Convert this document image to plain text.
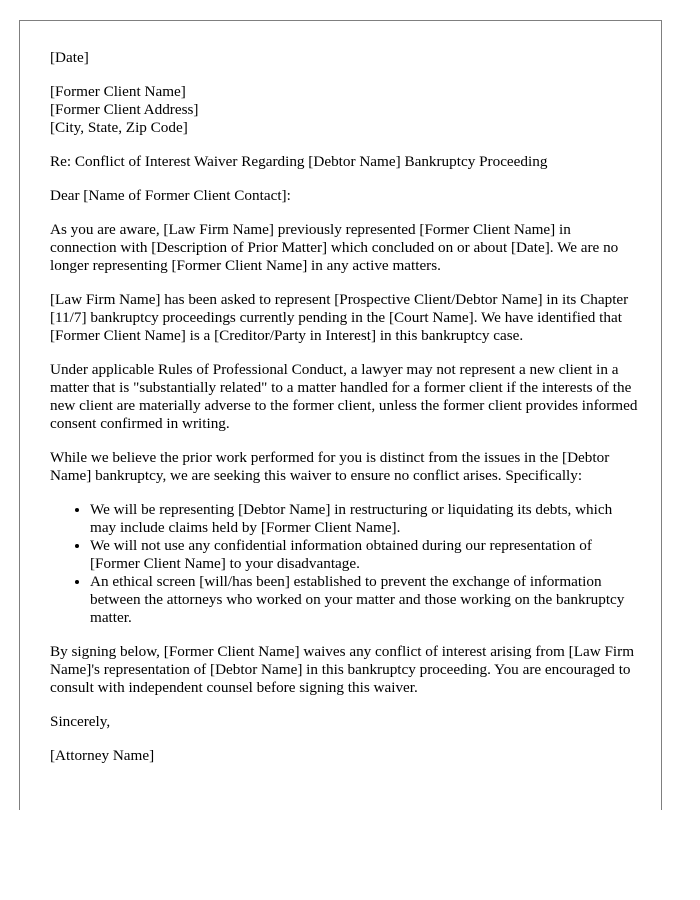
[Date]

[Former Client Name]
[Former Client Address]
[City, State, Zip Code]

Re: Conflict of Interest Waiver Regarding [Debtor Name] Bankruptcy Proceeding

Dear [Name of Former Client Contact]:

As you are aware, [Law Firm Name] previously represented [Former Client Name] in connection with [Description of Prior Matter] which concluded on or about [Date]. We are no longer representing [Former Client Name] in any active matters.

[Law Firm Name] has been asked to represent [Prospective Client/Debtor Name] in its Chapter [11/7] bankruptcy proceedings currently pending in the [Court Name]. We have identified that [Former Client Name] is a [Creditor/Party in Interest] in this bankruptcy case.

Under applicable Rules of Professional Conduct, a lawyer may not represent a new client in a matter that is "substantially related" to a matter handled for a former client if the interests of the new client are materially adverse to the former client, unless the former client provides informed consent confirmed in writing.

While we believe the prior work performed for you is distinct from the issues in the [Debtor Name] bankruptcy, we are seeking this waiver to ensure no conflict arises. Specifically:

• We will be representing [Debtor Name] in restructuring or liquidating its debts, which may include claims held by [Former Client Name].
• We will not use any confidential information obtained during our representation of [Former Client Name] to your disadvantage.
• An ethical screen [will/has been] established to prevent the exchange of information between the attorneys who worked on your matter and those working on the bankruptcy matter.

By signing below, [Former Client Name] waives any conflict of interest arising from [Law Firm Name]'s representation of [Debtor Name] in this bankruptcy proceeding. You are encouraged to consult with independent counsel before signing this waiver.

Sincerely,

[Attorney Name]
